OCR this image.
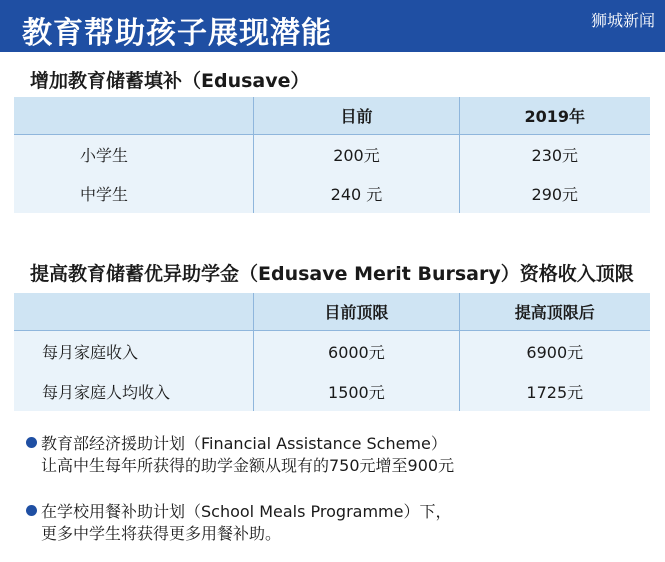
教育帮助孩子展现潜能	狮城新闻
增加教育储蓄填补（Edusave）
	目前	2019年
小学生	200元	230元
中学生	240 元	290元
提高教育储蓄优异助学金（Edusave Merit Bursary）资格收入顶限
	目前顶限	提高顶限后
每月家庭收入	6000元	6900元
每月家庭人均收入	1500元	1725元
教育部经济援助计划（Financial Assistance Scheme）
让高中生每年所获得的助学金额从现有的750元增至900元
在学校用餐补助计划（School Meals Programme）下，
更多中学生将获得更多用餐补助。
